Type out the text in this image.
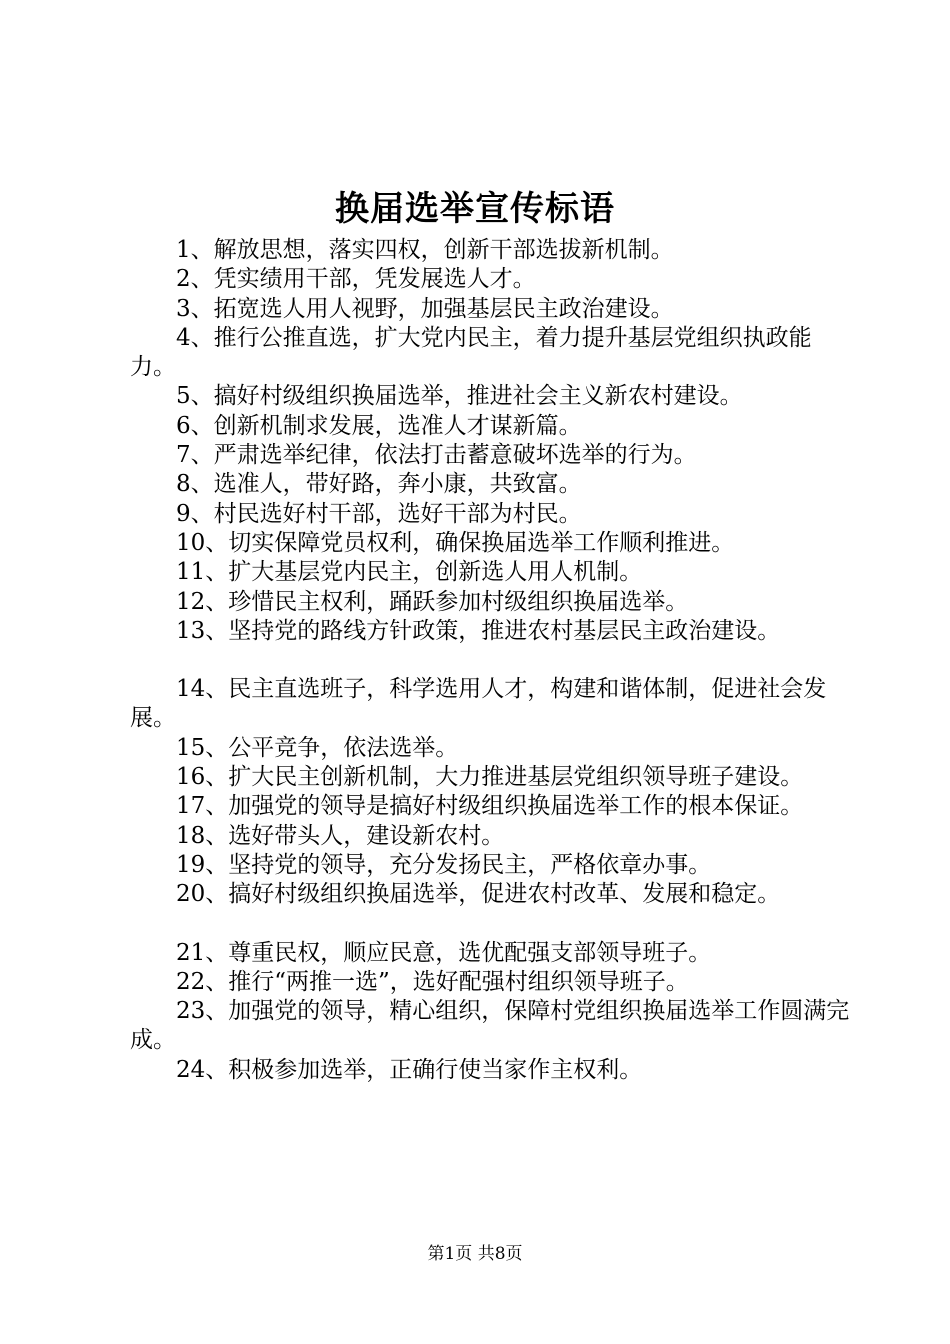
换届选举宣传标语

1、解放思想，落实四权，创新干部选拔新机制。

2、凭实绩用干部，凭发展选人才。

3、拓宽选人用人视野，加强基层民主政治建设。

4、推行公推直选，扩大党内民主，着力提升基层党组织执政能力。

5、搞好村级组织换届选举，推进社会主义新农村建设。

6、创新机制求发展，选准人才谋新篇。

7、严肃选举纪律，依法打击蓄意破坏选举的行为。

8、选准人，带好路，奔小康，共致富。

9、村民选好村干部，选好干部为村民。

10、切实保障党员权利，确保换届选举工作顺利推进。

11、扩大基层党内民主，创新选人用人机制。

12、珍惜民主权利，踊跃参加村级组织换届选举。

13、坚持党的路线方针政策，推进农村基层民主政治建设。

14、民主直选班子，科学选用人才，构建和谐体制，促进社会发展。

15、公平竞争，依法选举。

16、扩大民主创新机制，大力推进基层党组织领导班子建设。

17、加强党的领导是搞好村级组织换届选举工作的根本保证。

18、选好带头人，建设新农村。

19、坚持党的领导，充分发扬民主，严格依章办事。

20、搞好村级组织换届选举，促进农村改革、发展和稳定。

21、尊重民权，顺应民意，选优配强支部领导班子。

22、推行“两推一选”，选好配强村组织领导班子。

23、加强党的领导，精心组织，保障村党组织换届选举工作圆满完成。

24、积极参加选举，正确行使当家作主权利。

第1页 共8页
